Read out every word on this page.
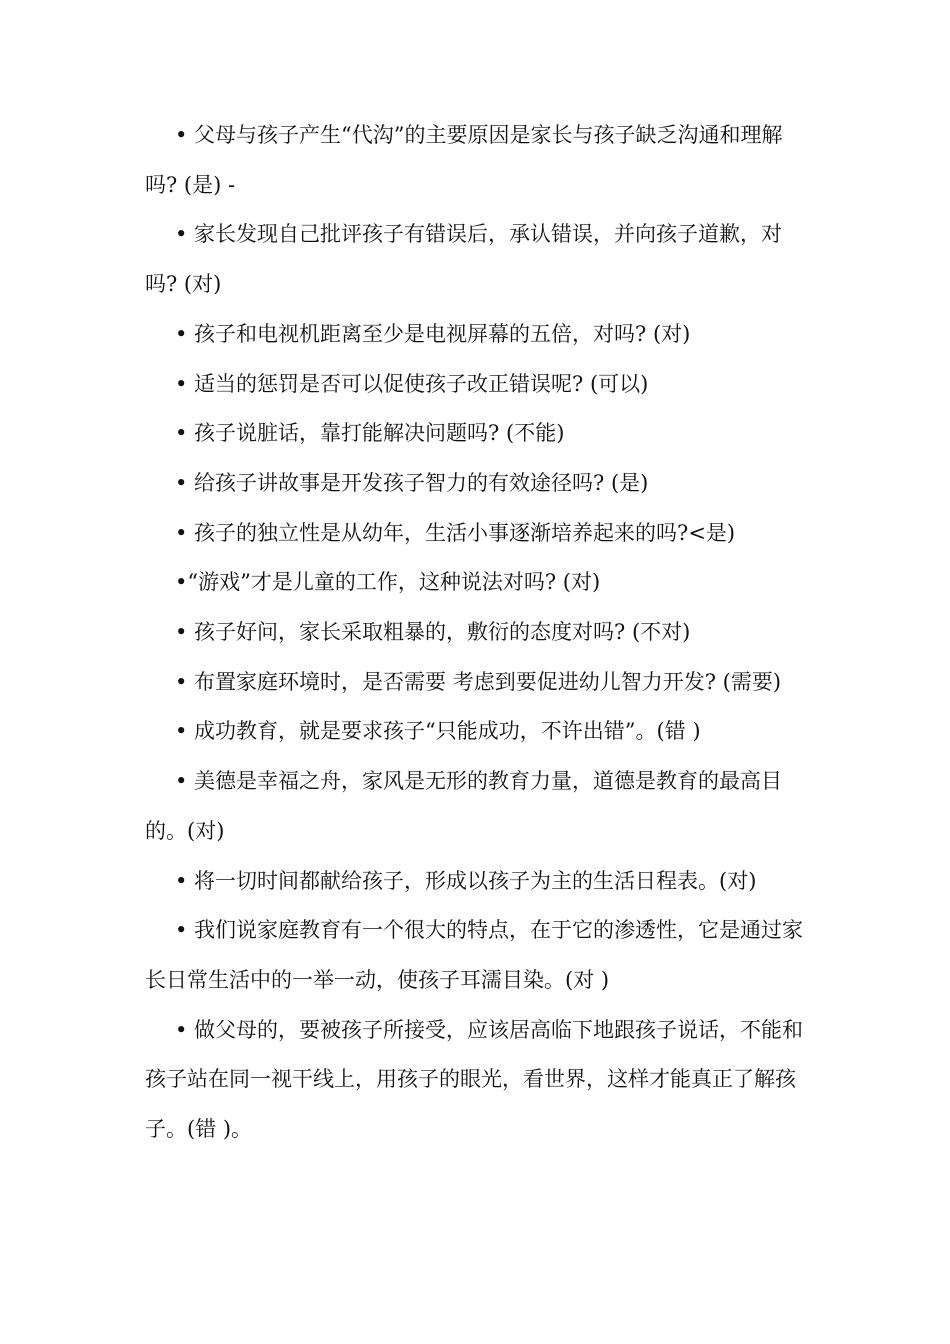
• 父母与孩子产生“代沟”的主要原因是家长与孩子缺乏沟通和理解吗? (是) -

• 家长发现自己批评孩子有错误后，承认错误，并向孩子道歉，对吗? (对)

• 孩子和电视机距离至少是电视屏幕的五倍，对吗? (对)

• 适当的惩罚是否可以促使孩子改正错误呢? (可以)

• 孩子说脏话，靠打能解决问题吗? (不能)

• 给孩子讲故事是开发孩子智力的有效途径吗? (是)

• 孩子的独立性是从幼年，生活小事逐渐培养起来的吗?<是)

•“游戏”才是儿童的工作，这种说法对吗? (对)

• 孩子好问，家长采取粗暴的，敷衍的态度对吗? (不对)

• 布置家庭环境时，是否需要 考虑到要促进幼儿智力开发? (需要)

• 成功教育，就是要求孩子“只能成功，不许出错”。(错 )

• 美德是幸福之舟，家风是无形的教育力量，道德是教育的最高目的。(对)

• 将一切时间都献给孩子，形成以孩子为主的生活日程表。(对)

• 我们说家庭教育有一个很大的特点，在于它的渗透性，它是通过家长日常生活中的一举一动，使孩子耳濡目染。(对 )

• 做父母的，要被孩子所接受，应该居高临下地跟孩子说话，不能和孩子站在同一视干线上，用孩子的眼光，看世界，这样才能真正了解孩子。(错 )。
